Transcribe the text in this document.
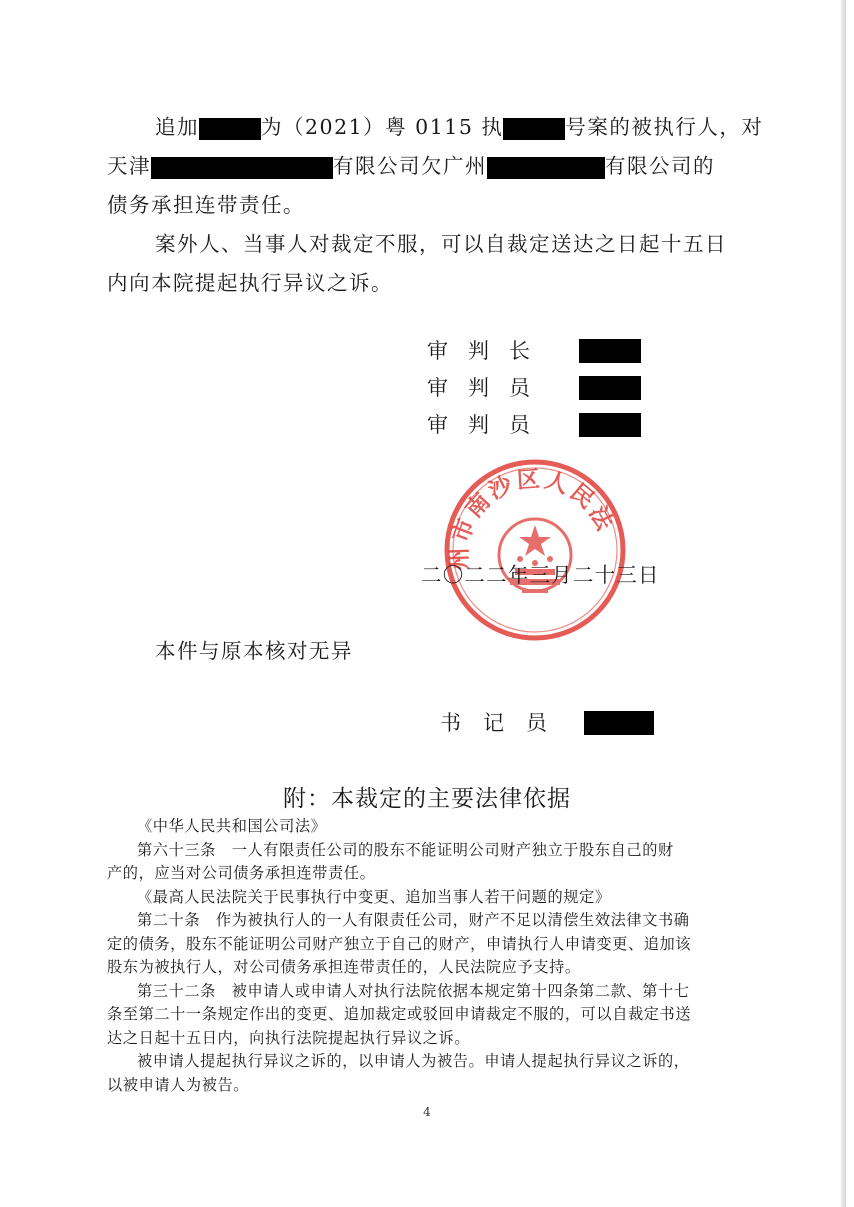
追加	为（2021）粤 0115 执	号案的被执行人，对
天津	有限公司欠广州	有限公司的
债务承担连带责任。
案外人、当事人对裁定不服，可以自裁定送达之日起十五日
内向本院提起执行异议之诉。
审判长
审判员
审判员
州市南沙区人民法
二〇二二年三月二十三日
本件与原本核对无异
书记员
附：本裁定的主要法律依据
《中华人民共和国公司法》
第六十三条　一人有限责任公司的股东不能证明公司财产独立于股东自己的财
产的，应当对公司债务承担连带责任。
《最高人民法院关于民事执行中变更、追加当事人若干问题的规定》
第二十条　作为被执行人的一人有限责任公司，财产不足以清偿生效法律文书确
定的债务，股东不能证明公司财产独立于自己的财产，申请执行人申请变更、追加该
股东为被执行人，对公司债务承担连带责任的，人民法院应予支持。
第三十二条　被申请人或申请人对执行法院依据本规定第十四条第二款、第十七
条至第二十一条规定作出的变更、追加裁定或驳回申请裁定不服的，可以自裁定书送
达之日起十五日内，向执行法院提起执行异议之诉。
被申请人提起执行异议之诉的，以申请人为被告。申请人提起执行异议之诉的，
以被申请人为被告。
4
